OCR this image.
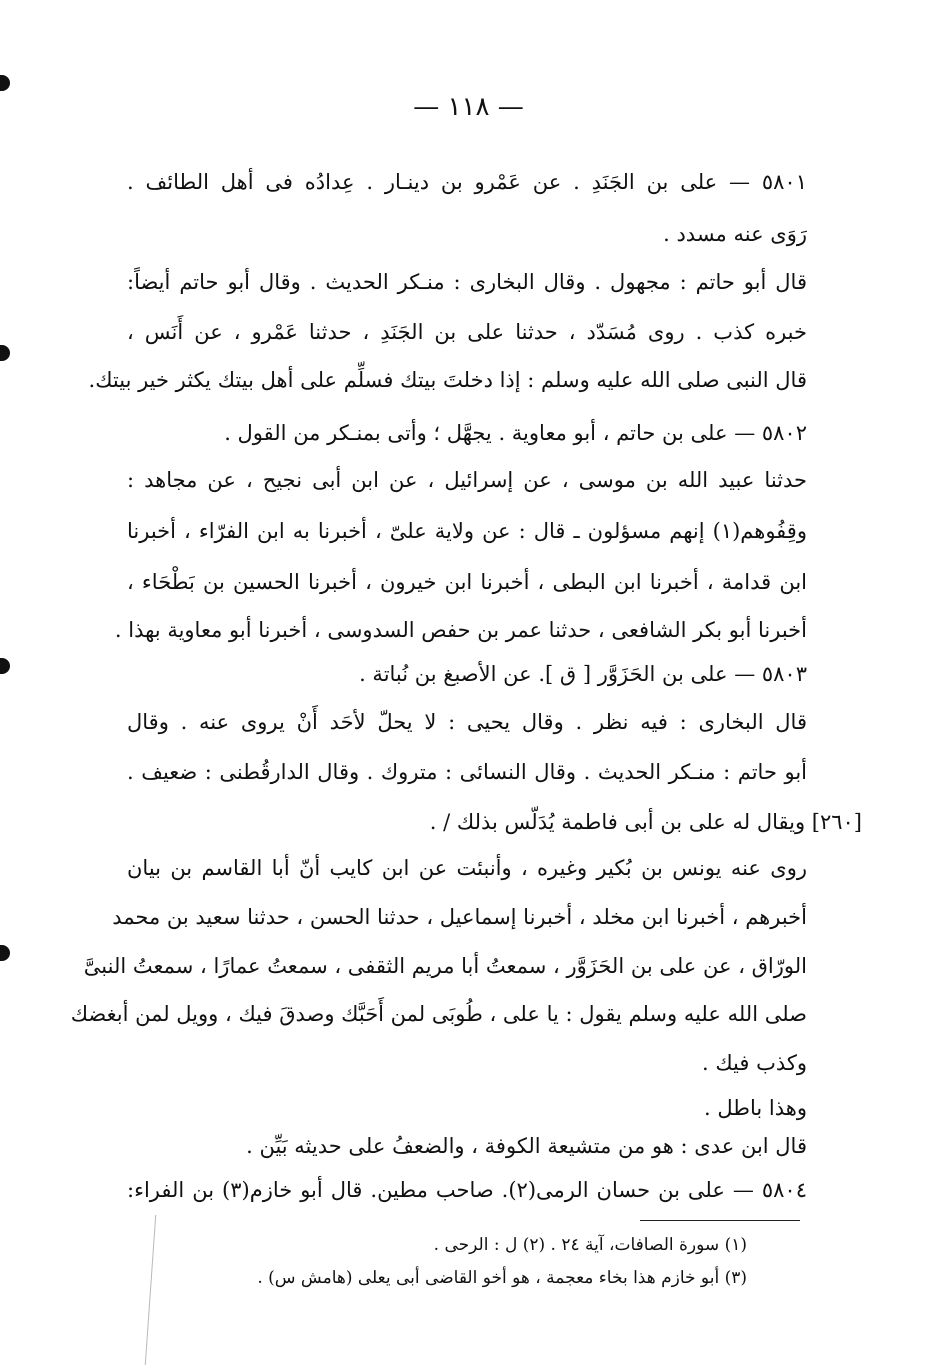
— ١١٨ —
٥٨٠١ — على بن الجَنَدِ . عن عَمْرو بن دينـار . عِدادُه فى أهل الطائف .
رَوَى عنه مسدد .
قال أبو حاتم : مجهول . وقال البخارى : منـكر الحديث . وقال أبو حاتم أيضاً:
خبره كذب . روى مُسَدّد ، حدثنا على بن الجَنَدِ ، حدثنا عَمْرو ، عن أَنَس ،
قال النبى صلى الله عليه وسلم : إذا دخلتَ بيتك فسلِّم على أهل بيتك يكثر خير بيتك.
٥٨٠٢ — على بن حاتم ، أبو معاوية . يجهَّل ؛ وأتى بمنـكر من القول .
حدثنا عبيد الله بن موسى ، عن إسرائيل ، عن ابن أبى نجيح ، عن مجاهد :
وقِفُوهم(١) إنهم مسؤلون ـ قال : عن ولاية علىّ ، أخبرنا به ابن الفرّاء ، أخبرنا
ابن قدامة ، أخبرنا ابن البطى ، أخبرنا ابن خيرون ، أخبرنا الحسين بن بَطْحَاء ،
أخبرنا أبو بكر الشافعى ، حدثنا عمر بن حفص السدوسى ، أخبرنا أبو معاوية بهذا .
٥٨٠٣ — على بن الحَزَوَّر [ ق ]. عن الأصبغ بن نُباتة .
قال البخارى : فيه نظر . وقال يحيى : لا يحلّ لأحَد أَنْ يروى عنه . وقال
أبو حاتم : منـكر الحديث . وقال النسائى : متروك . وقال الدارقُطنى : ضعيف .
[٢٦٠] ويقال له على بن أبى فاطمة يُدَلّس بذلك / .
روى عنه يونس بن بُكير وغيره ، وأنبئت عن ابن كايب أنّ أبا القاسم بن بيان
أخبرهم ، أخبرنا ابن مخلد ، أخبرنا إسماعيل ، حدثنا الحسن ، حدثنا سعيد بن محمد
الورّاق ، عن على بن الحَزَوَّر ، سمعتُ أبا مريم الثقفى ، سمعتُ عمارًا ، سمعتُ النبىَّ
صلى الله عليه وسلم يقول : يا على ، طُوبَى لمن أَحَبَّك وصدقَ فيك ، وويل لمن أبغضك
وكذب فيك .
وهذا باطل .
قال ابن عدى : هو من متشيعة الكوفة ، والضعفُ على حديثه بَيِّن .
٥٨٠٤ — على بن حسان الرمى(٢). صاحب مطين. قال أبو خازم(٣) بن الفراء:
(١) سورة الصافات، آية ٢٤ . (٢) ل : الرحى .
(٣) أبو خازم هذا بخاء معجمة ، هو أخو القاضى أبى يعلى (هامش س) .
